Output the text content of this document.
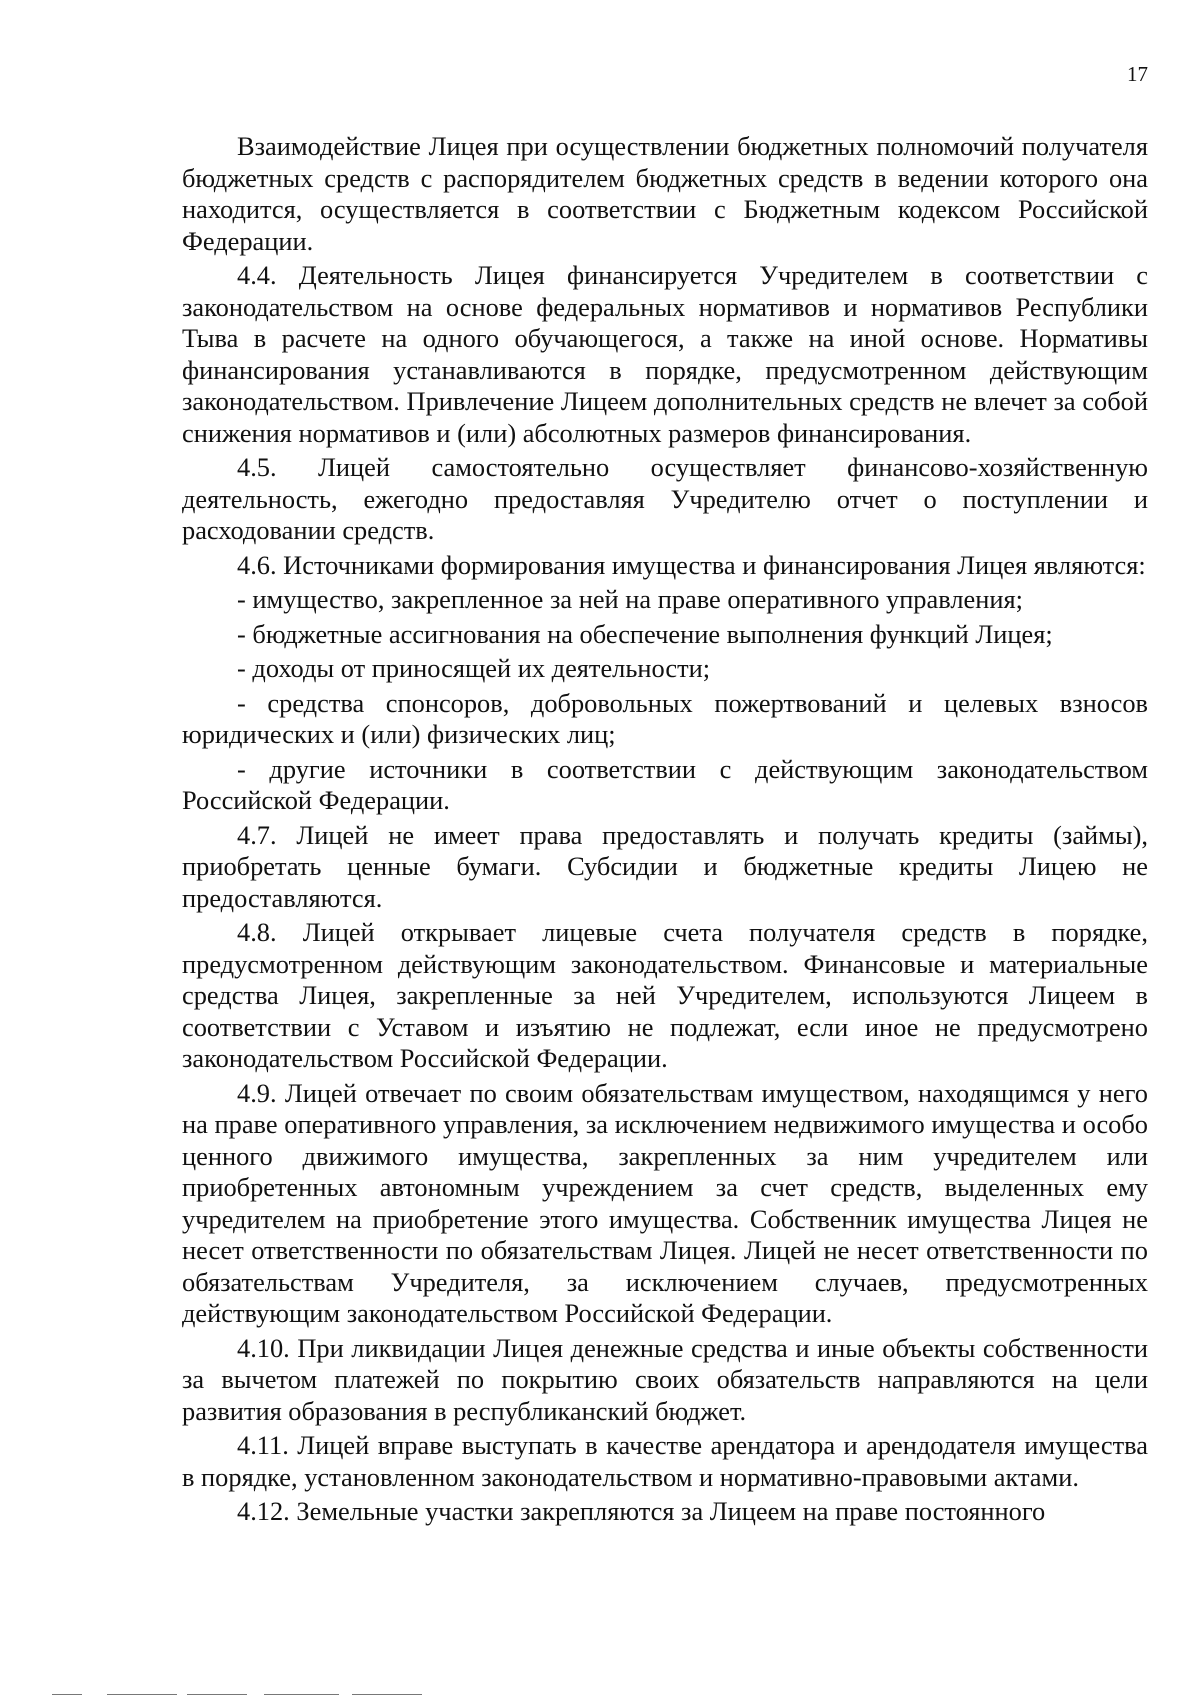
17

Взаимодействие Лицея при осуществлении бюджетных полномочий получателя бюджетных средств с распорядителем бюджетных средств в ведении которого она находится, осуществляется в соответствии с Бюджетным кодексом Российской Федерации.

4.4. Деятельность Лицея финансируется Учредителем в соответствии с законодательством на основе федеральных нормативов и нормативов Республики Тыва в расчете на одного обучающегося, а также на иной основе. Нормативы финансирования устанавливаются в порядке, предусмотренном действующим законодательством. Привлечение Лицеем дополнительных средств не влечет за собой снижения нормативов и (или) абсолютных размеров финансирования.

4.5. Лицей самостоятельно осуществляет финансово-хозяйственную деятельность, ежегодно предоставляя Учредителю отчет о поступлении и расходовании средств.

4.6. Источниками формирования имущества и финансирования Лицея являются:

- имущество, закрепленное за ней на праве оперативного управления;

- бюджетные ассигнования на обеспечение выполнения функций Лицея;

- доходы от приносящей их деятельности;

- средства спонсоров, добровольных пожертвований и целевых взносов юридических и (или) физических лиц;

- другие источники в соответствии с действующим законодательством Российской Федерации.

4.7. Лицей не имеет права предоставлять и получать кредиты (займы), приобретать ценные бумаги. Субсидии и бюджетные кредиты Лицею не предоставляются.

4.8. Лицей открывает лицевые счета получателя средств в порядке, предусмотренном действующим законодательством. Финансовые и материальные средства Лицея, закрепленные за ней Учредителем, используются Лицеем в соответствии с Уставом и изъятию не подлежат, если иное не предусмотрено законодательством Российской Федерации.

4.9. Лицей отвечает по своим обязательствам имуществом, находящимся у него на праве оперативного управления, за исключением недвижимого имущества и особо ценного движимого имущества, закрепленных за ним учредителем или приобретенных автономным учреждением за счет средств, выделенных ему учредителем на приобретение этого имущества. Собственник имущества Лицея не несет ответственности по обязательствам Лицея. Лицей не несет ответственности по обязательствам Учредителя, за исключением случаев, предусмотренных действующим законодательством Российской Федерации.

4.10. При ликвидации Лицея денежные средства и иные объекты собственности за вычетом платежей по покрытию своих обязательств направляются на цели развития образования в республиканский бюджет.

4.11. Лицей вправе выступать в качестве арендатора и арендодателя имущества в порядке, установленном законодательством и нормативно-правовыми актами.

4.12. Земельные участки закрепляются за Лицеем на праве постоянного
